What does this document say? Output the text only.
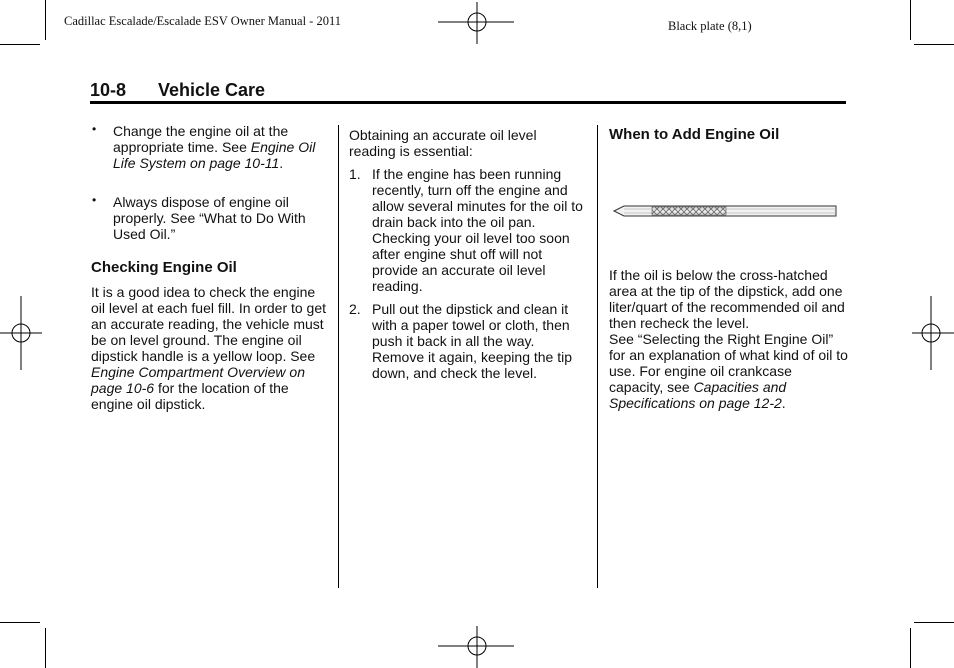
Cadillac Escalade/Escalade ESV Owner Manual - 2011	Black plate (8,1)
10-8 Vehicle Care

• Change the engine oil at the appropriate time. See Engine Oil Life System on page 10-11.

• Always dispose of engine oil properly. See “What to Do With Used Oil.”

Checking Engine Oil

It is a good idea to check the engine oil level at each fuel fill. In order to get an accurate reading, the vehicle must be on level ground. The engine oil dipstick handle is a yellow loop. See Engine Compartment Overview on page 10-6 for the location of the engine oil dipstick.

Obtaining an accurate oil level reading is essential:

1. If the engine has been running recently, turn off the engine and allow several minutes for the oil to drain back into the oil pan. Checking your oil level too soon after engine shut off will not provide an accurate oil level reading.

2. Pull out the dipstick and clean it with a paper towel or cloth, then push it back in all the way. Remove it again, keeping the tip down, and check the level.

When to Add Engine Oil

If the oil is below the cross-hatched area at the tip of the dipstick, add one liter/quart of the recommended oil and then recheck the level.

See “Selecting the Right Engine Oil” for an explanation of what kind of oil to use. For engine oil crankcase capacity, see Capacities and Specifications on page 12-2.
